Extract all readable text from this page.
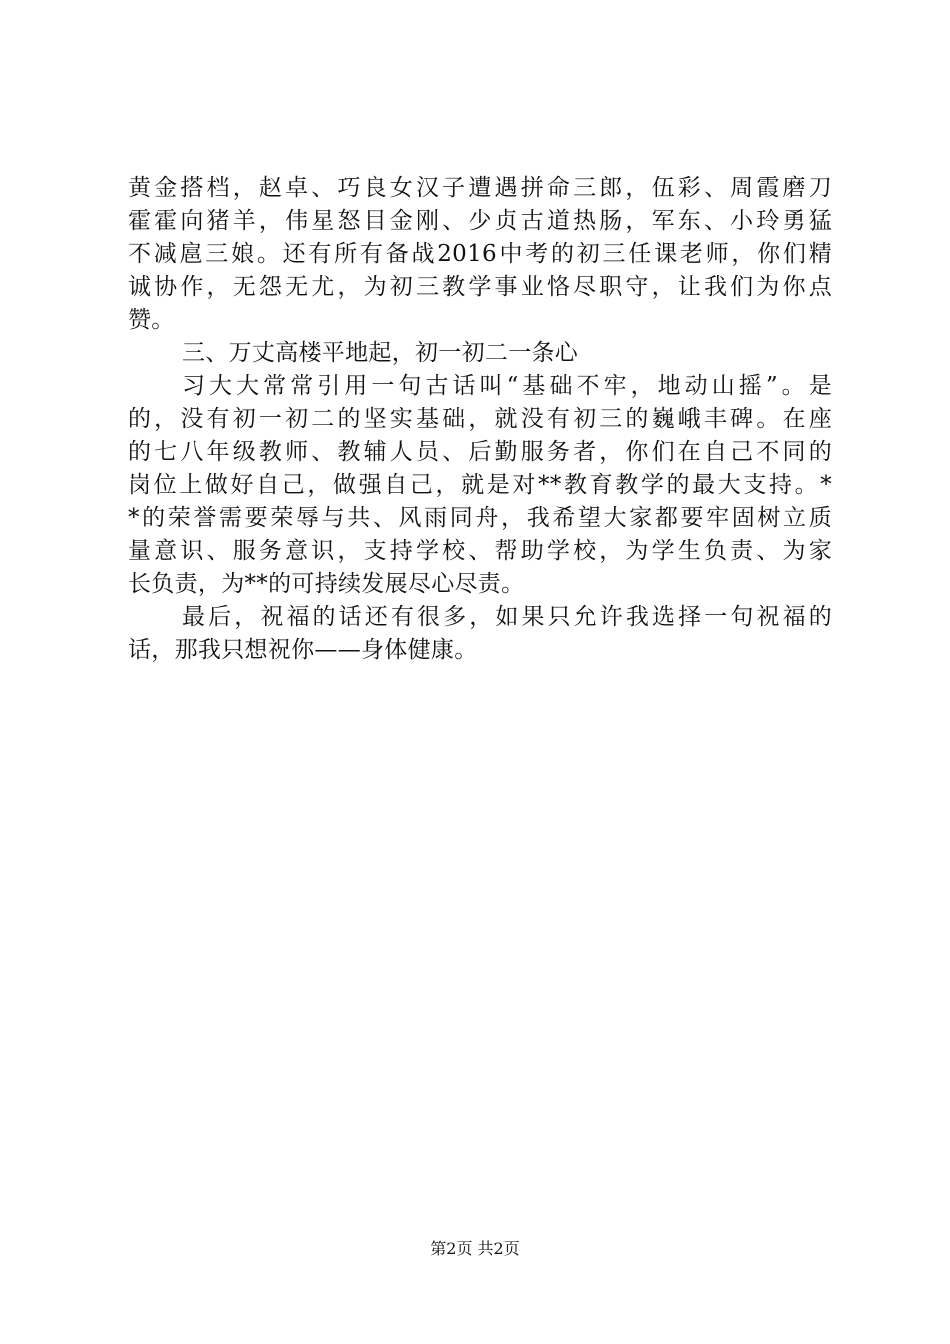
黄金搭档，赵卓、巧良女汉子遭遇拼命三郎，伍彩、周霞磨刀
霍霍向猪羊，伟星怒目金刚、少贞古道热肠，军东、小玲勇猛
不减扈三娘。还有所有备战2016中考的初三任课老师，你们精
诚协作，无怨无尤，为初三教学事业恪尽职守，让我们为你点
赞。
三、万丈高楼平地起，初一初二一条心
习大大常常引用一句古话叫“基础不牢，地动山摇”。是
的，没有初一初二的坚实基础，就没有初三的巍峨丰碑。在座
的七八年级教师、教辅人员、后勤服务者，你们在自己不同的
岗位上做好自己，做强自己，就是对**教育教学的最大支持。*
*的荣誉需要荣辱与共、风雨同舟，我希望大家都要牢固树立质
量意识、服务意识，支持学校、帮助学校，为学生负责、为家
长负责，为**的可持续发展尽心尽责。
最后，祝福的话还有很多，如果只允许我选择一句祝福的
话，那我只想祝你——身体健康。
第2页 共2页
